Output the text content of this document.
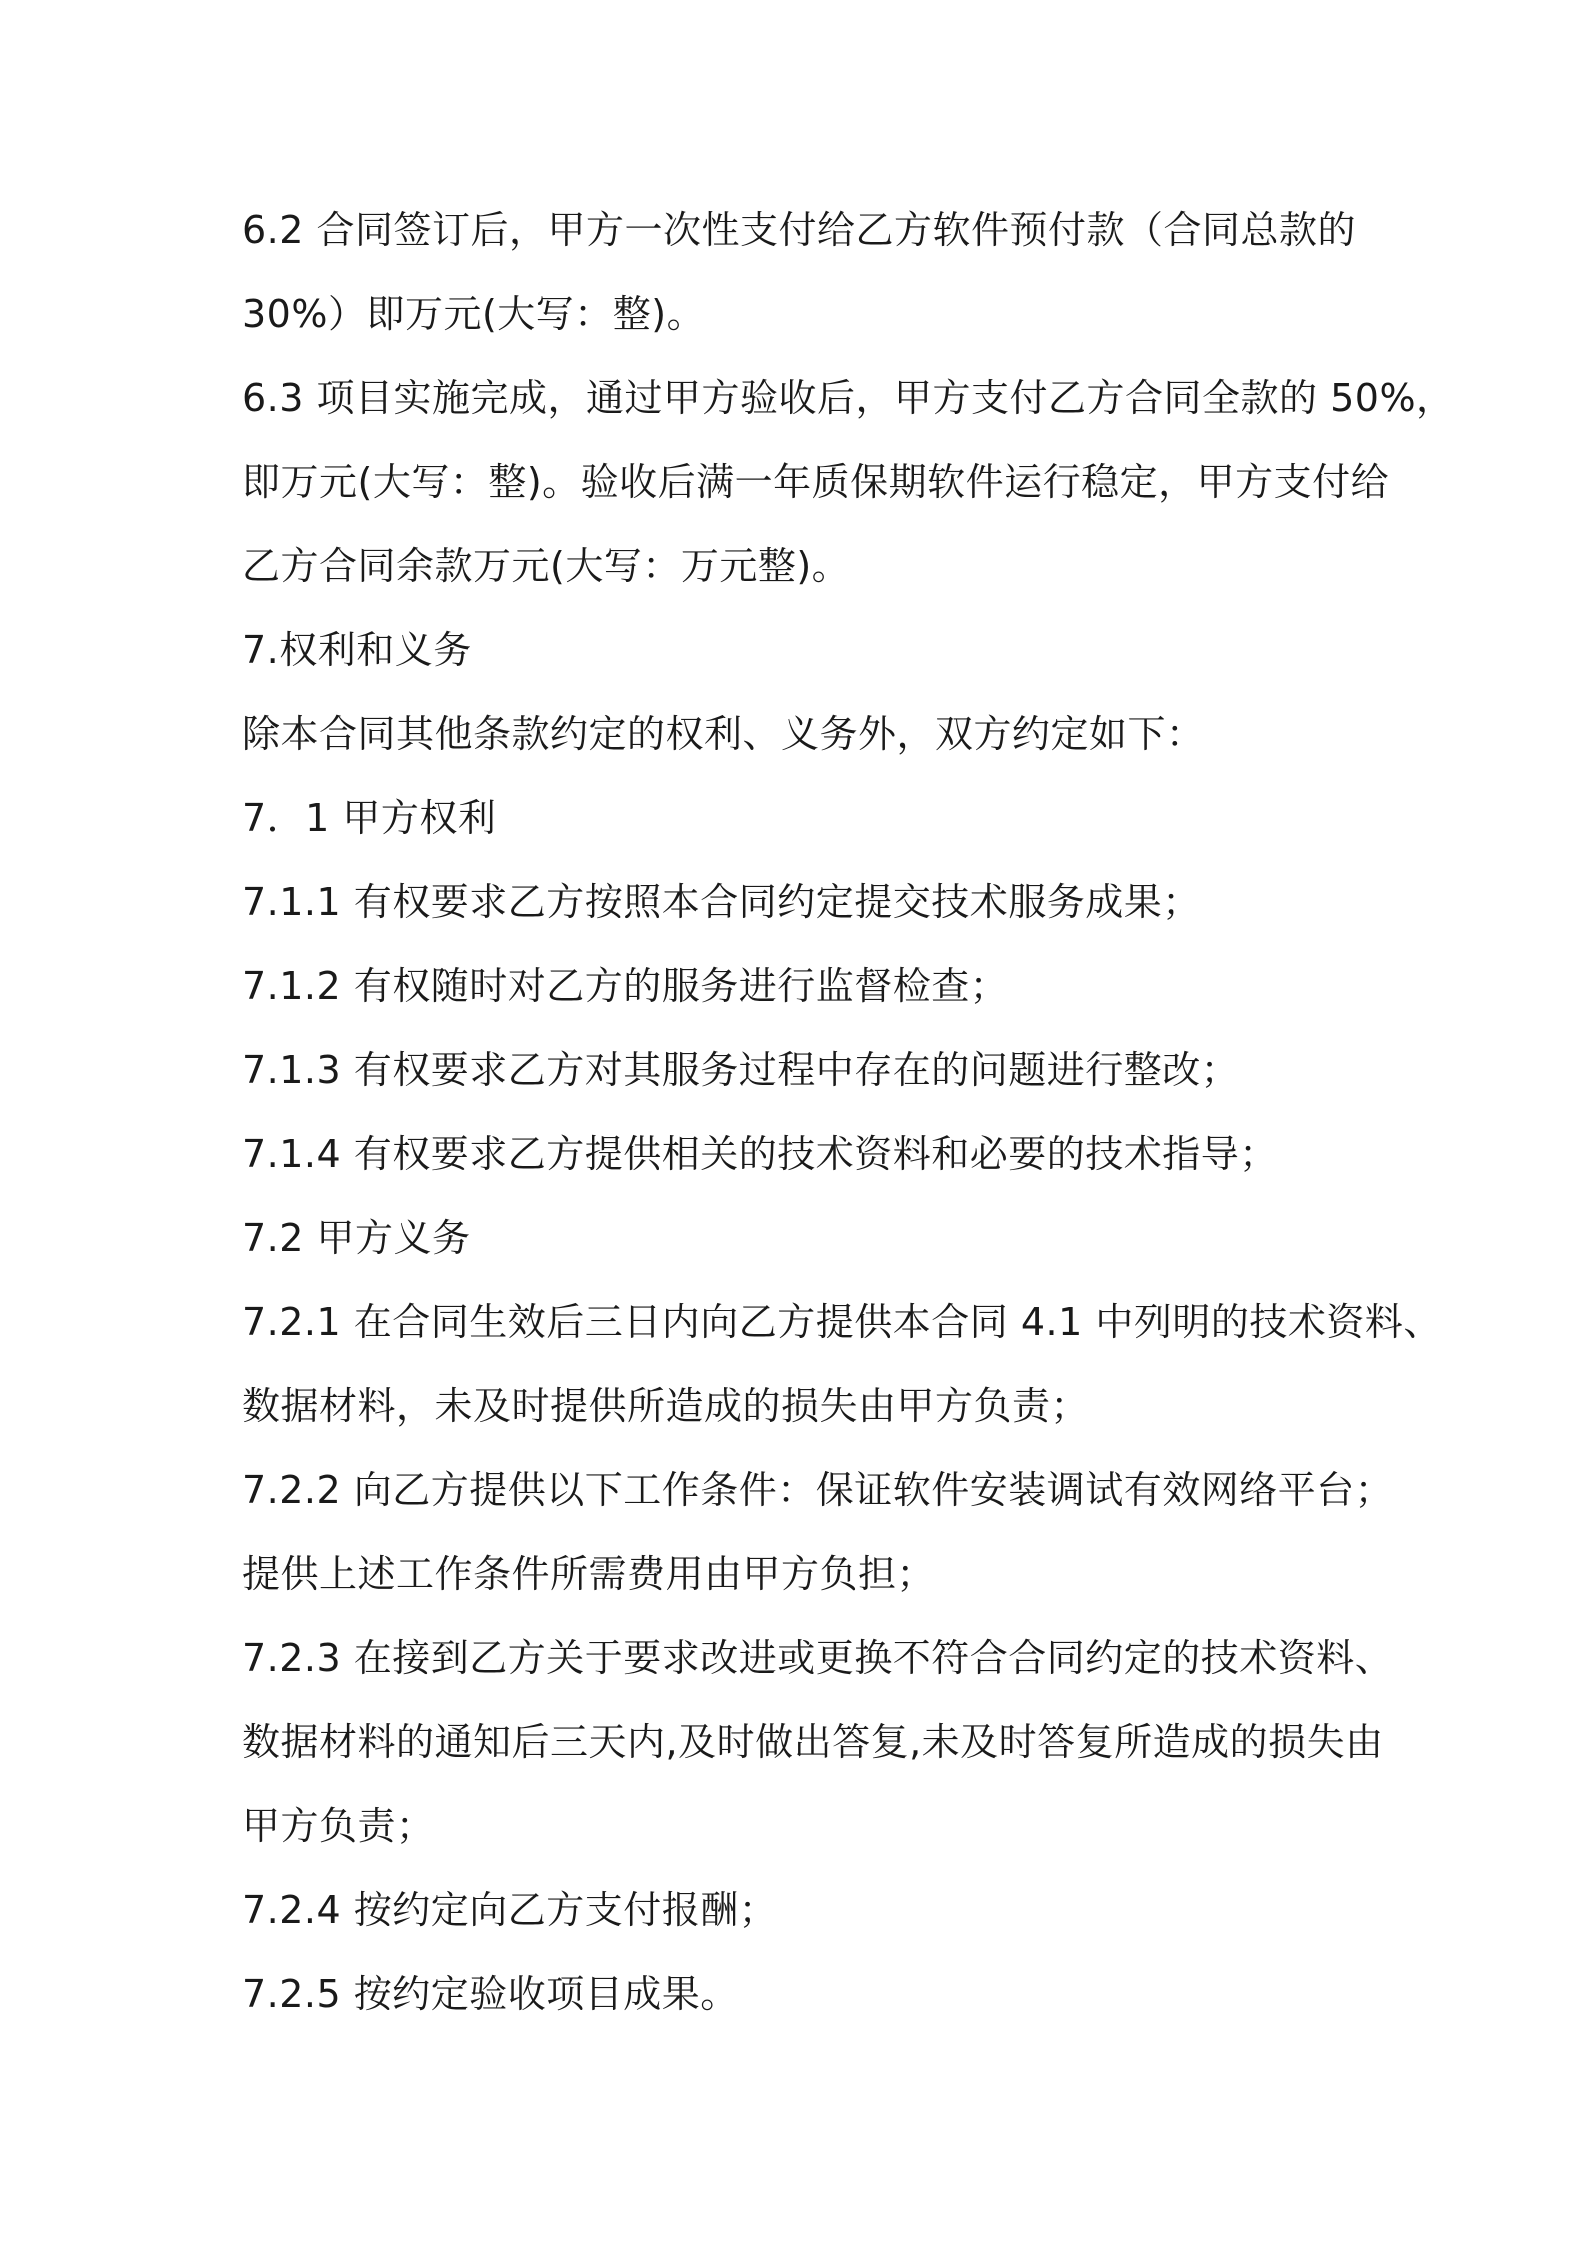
6.2 合同签订后，甲方一次性支付给乙方软件预付款（合同总款的
30%）即万元(大写：整)。
6.3 项目实施完成，通过甲方验收后，甲方支付乙方合同全款的 50%，
即万元(大写：整)。验收后满一年质保期软件运行稳定，甲方支付给
乙方合同余款万元(大写：万元整)。
7.权利和义务
除本合同其他条款约定的权利、义务外，双方约定如下：
7．1 甲方权利
7.1.1 有权要求乙方按照本合同约定提交技术服务成果；
7.1.2 有权随时对乙方的服务进行监督检查；
7.1.3 有权要求乙方对其服务过程中存在的问题进行整改；
7.1.4 有权要求乙方提供相关的技术资料和必要的技术指导；
7.2 甲方义务
7.2.1 在合同生效后三日内向乙方提供本合同 4.1 中列明的技术资料、
数据材料，未及时提供所造成的损失由甲方负责；
7.2.2 向乙方提供以下工作条件：保证软件安装调试有效网络平台；
提供上述工作条件所需费用由甲方负担；
7.2.3 在接到乙方关于要求改进或更换不符合合同约定的技术资料、
数据材料的通知后三天内,及时做出答复,未及时答复所造成的损失由
甲方负责；
7.2.4 按约定向乙方支付报酬；
7.2.5 按约定验收项目成果。
